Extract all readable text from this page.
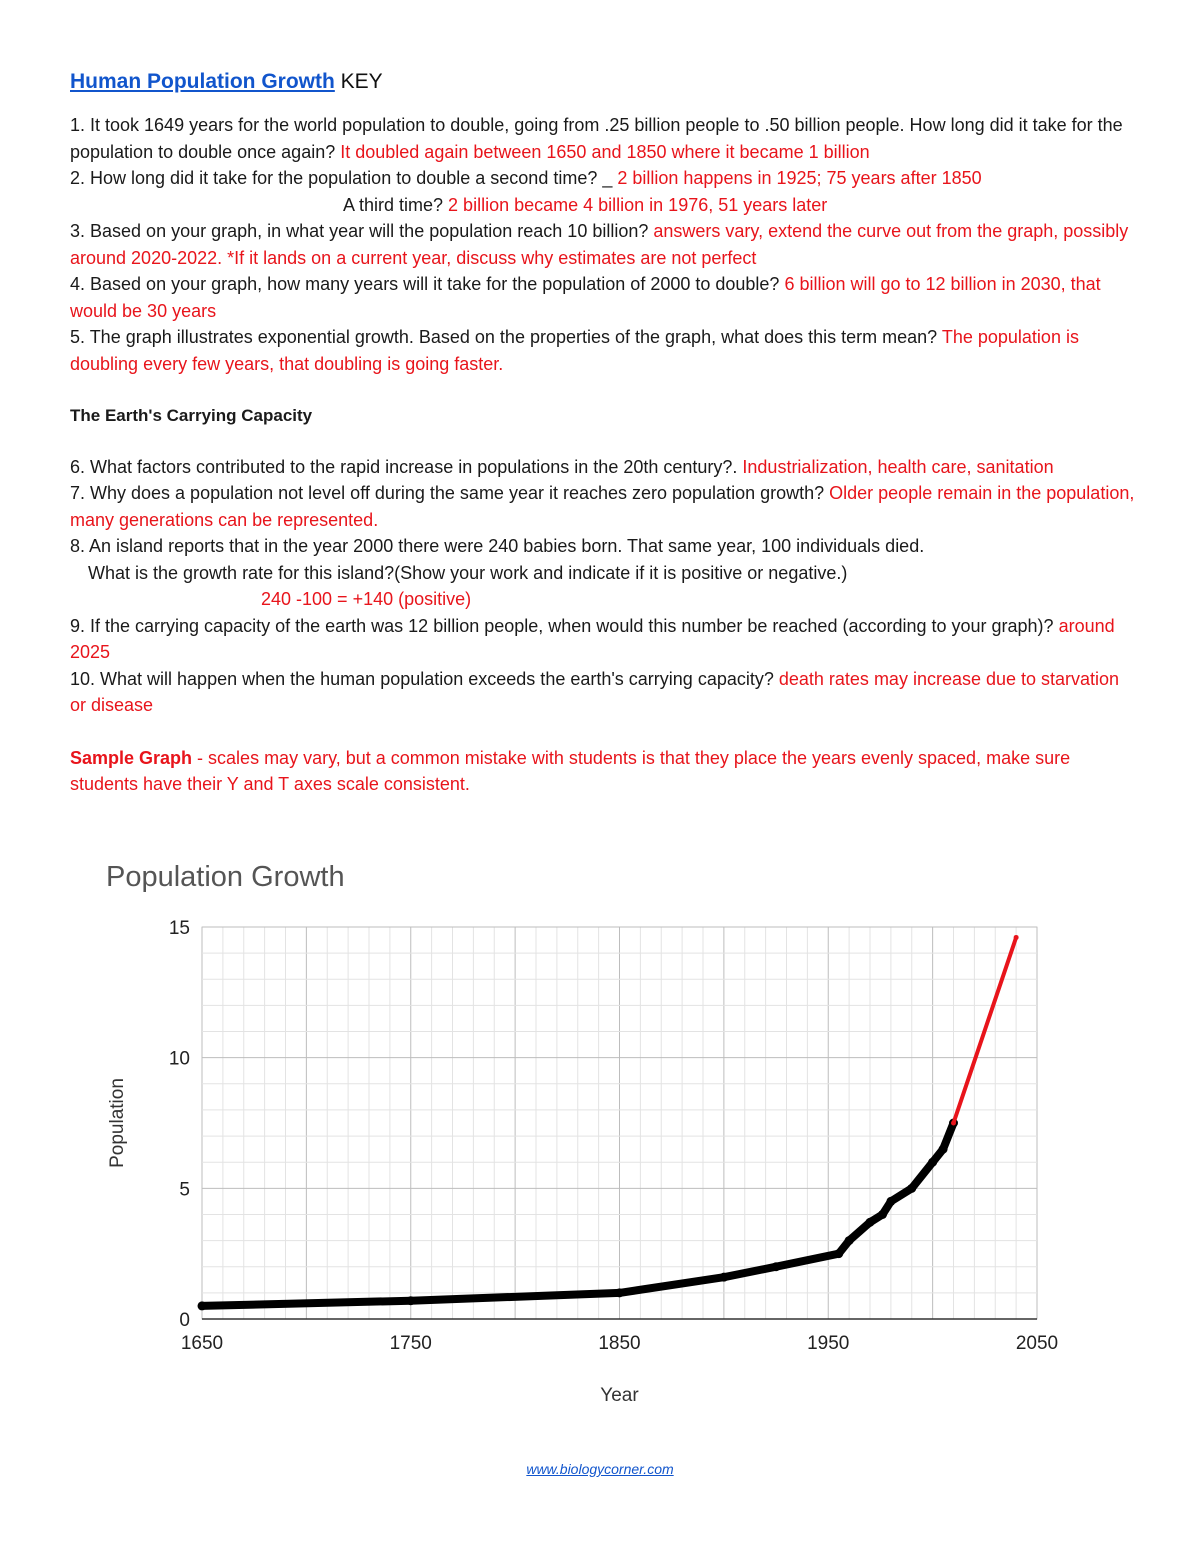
Human Population Growth KEY

1. It took 1649 years for the world population to double, going from .25 billion people to .50 billion people. How long did it take for the population to double once again? It doubled again between 1650 and 1850 where it became 1 billion

2. How long did it take for the population to double a second time? _ 2 billion happens in 1925; 75 years after 1850

A third time? 2 billion became 4 billion in 1976, 51 years later

3. Based on your graph, in what year will the population reach 10 billion? answers vary, extend the curve out from the graph, possibly around 2020-2022. *If it lands on a current year, discuss why estimates are not perfect

4. Based on your graph, how many years will it take for the population of 2000 to double? 6 billion will go to 12 billion in 2030, that would be 30 years

5. The graph illustrates exponential growth. Based on the properties of the graph, what does this term mean? The population is doubling every few years, that doubling is going faster.

The Earth's Carrying Capacity

6. What factors contributed to the rapid increase in populations in the 20th century?. Industrialization, health care, sanitation

7. Why does a population not level off during the same year it reaches zero population growth? Older people remain in the population, many generations can be represented.

8. An island reports that in the year 2000 there were 240 babies born. That same year, 100 individuals died.

What is the growth rate for this island?(Show your work and indicate if it is positive or negative.)

240 -100 = +140 (positive)

9. If the carrying capacity of the earth was 12 billion people, when would this number be reached (according to your graph)? around 2025

10. What will happen when the human population exceeds the earth's carrying capacity? death rates may increase due to starvation or disease

Sample Graph - scales may vary, but a common mistake with students is that they place the years evenly spaced, make sure students have their Y and T axes scale consistent.

Population Growth
1650	1750	1850	1950	2050
0
5
10
15
Year
Population
www.biologycorner.com
